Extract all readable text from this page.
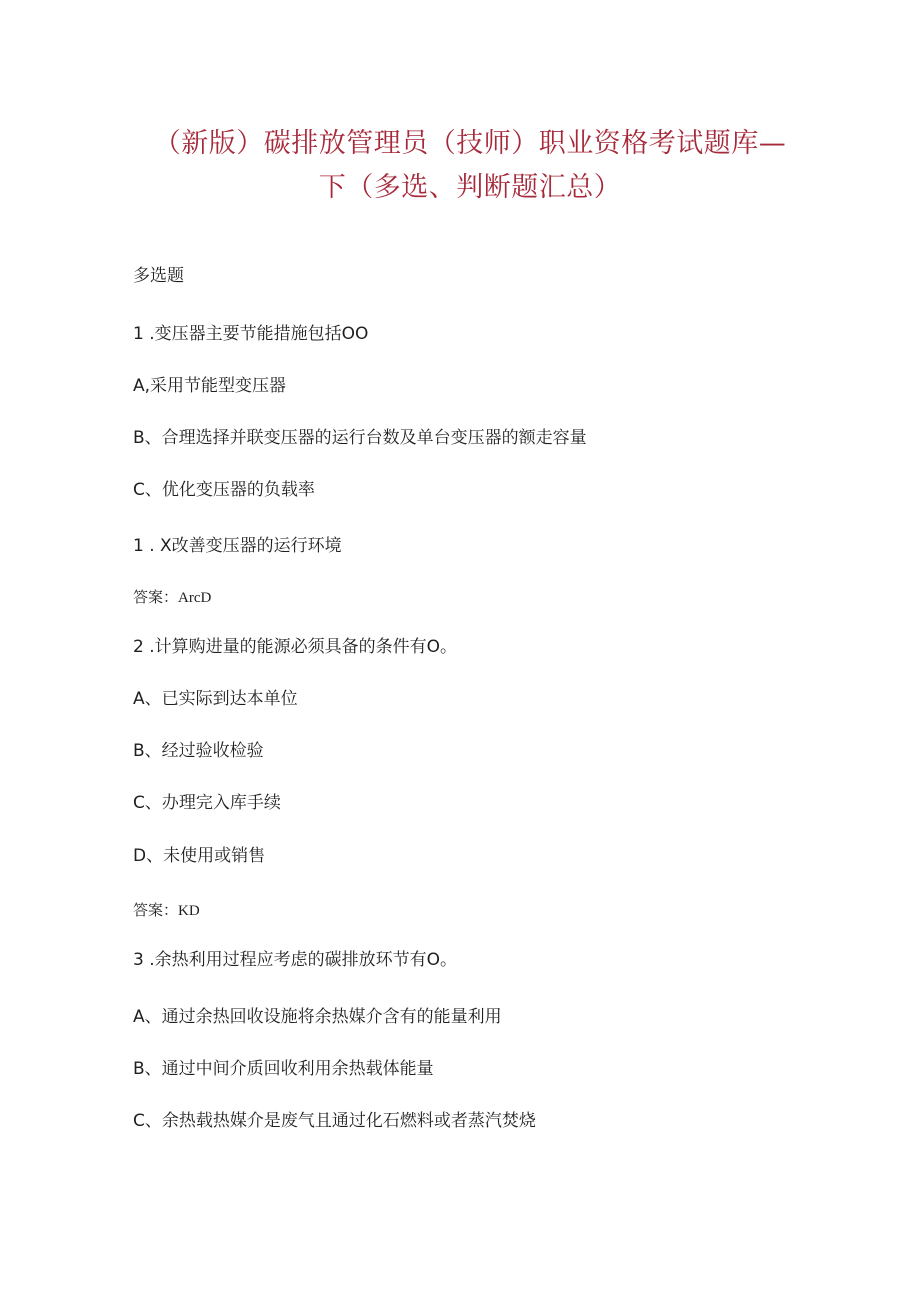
（新版）碳排放管理员（技师）职业资格考试题库—
下（多选、判断题汇总）
多选题
1 .变压器主要节能措施包括OO
A,采用节能型变压器
B、合理选择并联变压器的运行台数及单台变压器的额走容量
C、优化变压器的负载率
1 . X改善变压器的运行环境
答案：ArcD
2 .计算购进量的能源必须具备的条件有O。
A、已实际到达本单位
B、经过验收检验
C、办理完入库手续
D、未使用或销售
答案：KD
3 .余热利用过程应考虑的碳排放环节有O。
A、通过余热回收设施将余热媒介含有的能量利用
B、通过中间介质回收利用余热载体能量
C、余热载热媒介是废气且通过化石燃料或者蒸汽焚烧
